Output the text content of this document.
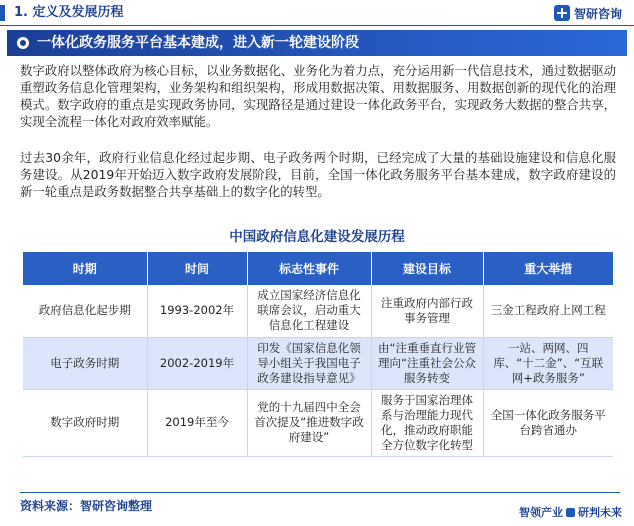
1. 定义及发展历程	智研咨询
一体化政务服务平台基本建成，进入新一轮建设阶段

数字政府以整体政府为核心目标，以业务数据化、业务化为着力点，充分运用新一代信息技术，通过数据驱动重塑政务信息化管理架构，业务架构和组织架构，形成用数据决策、用数据服务、用数据创新的现代化的治理模式。数字政府的重点是实现政务协同，实现路径是通过建设一体化政务平台，实现政务大数据的整合共享，实现全流程一体化对政府效率赋能。

过去30余年，政府行业信息化经过起步期、电子政务两个时期，已经完成了大量的基础设施建设和信息化服务建设。从2019年开始迈入数字政府发展阶段，目前，全国一体化政务服务平台基本建成，数字政府建设的新一轮重点是政务数据整合共享基础上的数字化的转型。

中国政府信息化建设发展历程
时期	时间	标志性事件	建设目标	重大举措
政府信息化起步期	1993-2002年	成立国家经济信息化联席会议，启动重大信息化工程建设	注重政府内部行政事务管理	三金工程政府上网工程
电子政务时期	2002-2019年	印发《国家信息化领导小组关于我国电子政务建设指导意见》	由“注重垂直行业管理向“注重社会公众服务转变	一站、两网、四库、“十二金”、“互联网+政务服务”
数字政府时期	2019年至今	党的十九届四中全会首次提及“推进数字政府建设”	服务于国家治理体系与治理能力现代化，推动政府职能全方位数字化转型	全国一体化政务服务平台跨省通办
资料来源：智研咨询整理	智领产业 研判未来
